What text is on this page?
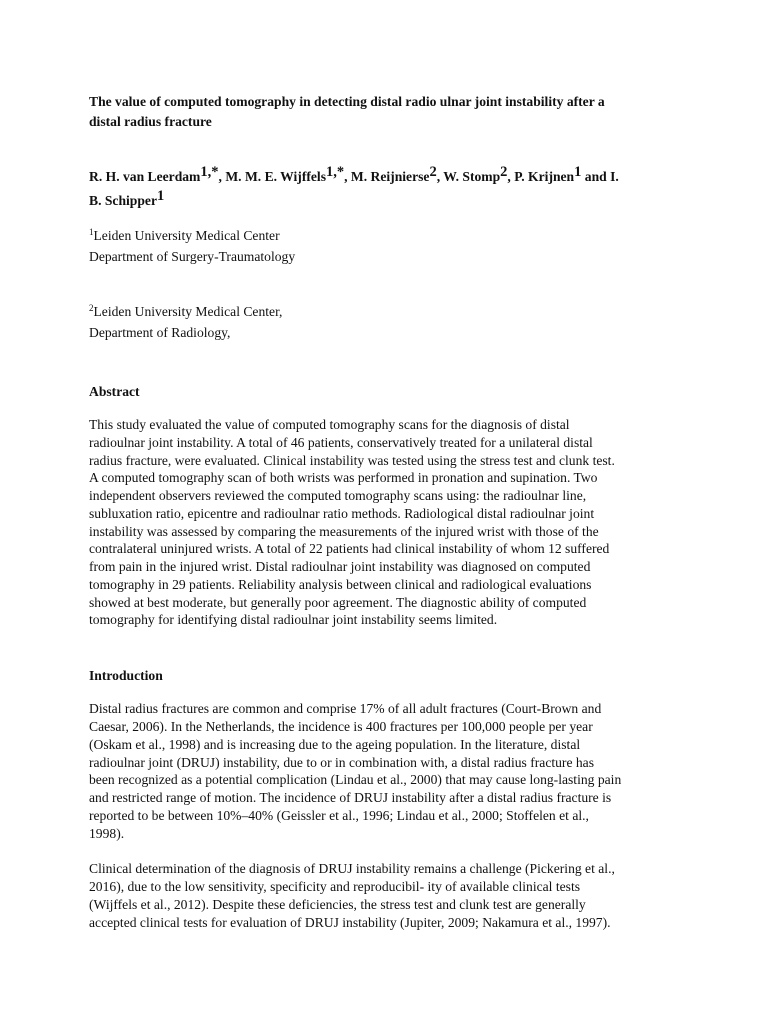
The value of computed tomography in detecting distal radio ulnar joint instability after a
distal radius fracture

R. H. van Leerdam$^{1,*}$, M. M. E. Wijffels$^{1,*}$, M. Reijnierse$^2$, W. Stomp$^2$, P. Krijnen$^1$ and I.
B. Schipper$^1$

$^1$Leiden University Medical Center
Department of Surgery-Traumatology

$^2$Leiden University Medical Center,
Department of Radiology,

Abstract

This study evaluated the value of computed tomography scans for the diagnosis of distal
radioulnar joint instability. A total of 46 patients, conservatively treated for a unilateral distal
radius fracture, were evaluated. Clinical instability was tested using the stress test and clunk test.
A computed tomography scan of both wrists was performed in pronation and supination. Two
independent observers reviewed the computed tomography scans using: the radioulnar line,
subluxation ratio, epicentre and radioulnar ratio methods. Radiological distal radioulnar joint
instability was assessed by comparing the measurements of the injured wrist with those of the
contralateral uninjured wrists. A total of 22 patients had clinical instability of whom 12 suffered
from pain in the injured wrist. Distal radioulnar joint instability was diagnosed on computed
tomography in 29 patients. Reliability analysis between clinical and radiological evaluations
showed at best moderate, but generally poor agreement. The diagnostic ability of computed
tomography for identifying distal radioulnar joint instability seems limited.

Introduction

Distal radius fractures are common and comprise 17% of all adult fractures (Court-Brown and
Caesar, 2006). In the Netherlands, the incidence is 400 fractures per 100,000 people per year
(Oskam et al., 1998) and is increasing due to the ageing population. In the literature, distal
radioulnar joint (DRUJ) instability, due to or in combination with, a distal radius fracture has
been recognized as a potential complication (Lindau et al., 2000) that may cause long-lasting pain
and restricted range of motion. The incidence of DRUJ instability after a distal radius fracture is
reported to be between 10%–40% (Geissler et al., 1996; Lindau et al., 2000; Stoffelen et al.,
1998).

Clinical determination of the diagnosis of DRUJ instability remains a challenge (Pickering et al.,
2016), due to the low sensitivity, specificity and reproducibil- ity of available clinical tests
(Wijffels et al., 2012). Despite these deficiencies, the stress test and clunk test are generally
accepted clinical tests for evaluation of DRUJ instability (Jupiter, 2009; Nakamura et al., 1997).
